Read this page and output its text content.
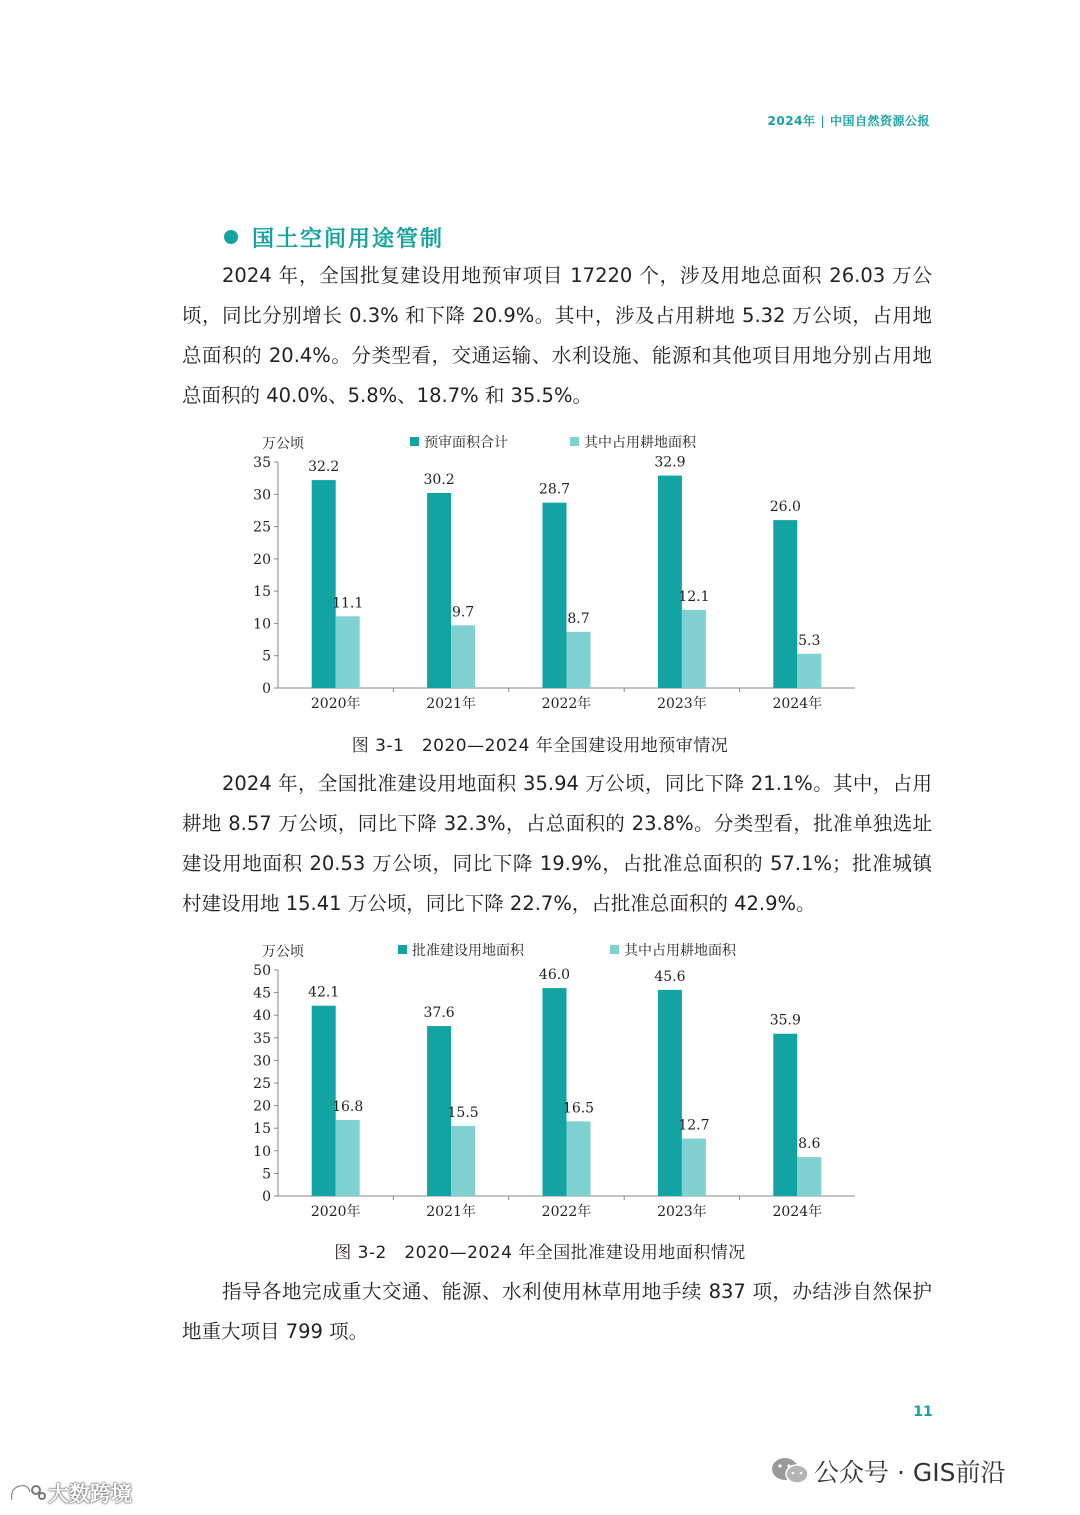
2024年 | 中国自然资源公报
国土空间用途管制

2024 年，全国批复建设用地预审项目 17220 个，涉及用地总面积 26.03 万公顷，同比分别增长 0.3% 和下降 20.9%。其中，涉及占用耕地 5.32 万公顷，占用地总面积的 20.4%。分类型看，交通运输、水利设施、能源和其他项目用地分别占用地总面积的 40.0%、5.8%、18.7% 和 35.5%。

万公顷	预审面积合计	其中占用耕地面积
0
5
10
15
20
25
30
35
2020年
32.2
11.1
2021年
30.2
9.7
2022年
28.7
8.7
2023年
32.9
12.1
2024年
26.0
5.3
图 3-1　2020—2024 年全国建设用地预审情况

2024 年，全国批准建设用地面积 35.94 万公顷，同比下降 21.1%。其中，占用耕地 8.57 万公顷，同比下降 32.3%，占总面积的 23.8%。分类型看，批准单独选址建设用地面积 20.53 万公顷，同比下降 19.9%，占批准总面积的 57.1%；批准城镇村建设用地 15.41 万公顷，同比下降 22.7%，占批准总面积的 42.9%。

万公顷	批准建设用地面积	其中占用耕地面积
0
5
10
15
20
25
30
35
40
45
50
2020年
42.1
16.8
2021年
37.6
15.5
2022年
46.0
16.5
2023年
45.6
12.7
2024年
35.9
8.6
图 3-2　2020—2024 年全国批准建设用地面积情况

指导各地完成重大交通、能源、水利使用林草用地手续 837 项，办结涉自然保护地重大项目 799 项。

11
公众号 · GIS前沿
大数跨境
